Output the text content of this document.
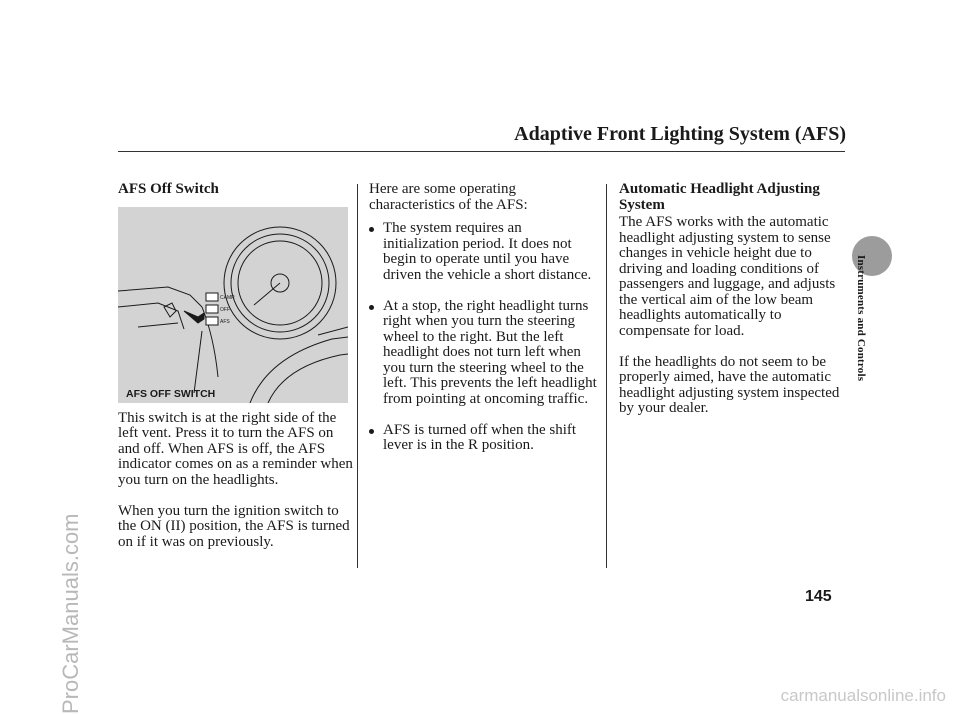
ProCarManuals.com	carmanualsonline.info
Adaptive Front Lighting System (AFS)
Instruments and Controls

AFS Off Switch

CAMR
OFF
AFS
AFS OFF SWITCH

This switch is at the right side of the left vent. Press it to turn the AFS on and off. When AFS is off, the AFS indicator comes on as a reminder when you turn on the headlights.

When you turn the ignition switch to the ON (II) position, the AFS is turned on if it was on previously.

Here are some operating characteristics of the AFS:

The system requires an initialization period. It does not begin to operate until you have driven the vehicle a short distance.
At a stop, the right headlight turns right when you turn the steering wheel to the right. But the left headlight does not turn left when you turn the steering wheel to the left. This prevents the left headlight from pointing at oncoming traffic.
AFS is turned off when the shift lever is in the R position.

Automatic Headlight Adjusting System

The AFS works with the automatic headlight adjusting system to sense changes in vehicle height due to driving and loading conditions of passengers and luggage, and adjusts the vertical aim of the low beam headlights automatically to compensate for load.

If the headlights do not seem to be properly aimed, have the automatic headlight adjusting system inspected by your dealer.

145
